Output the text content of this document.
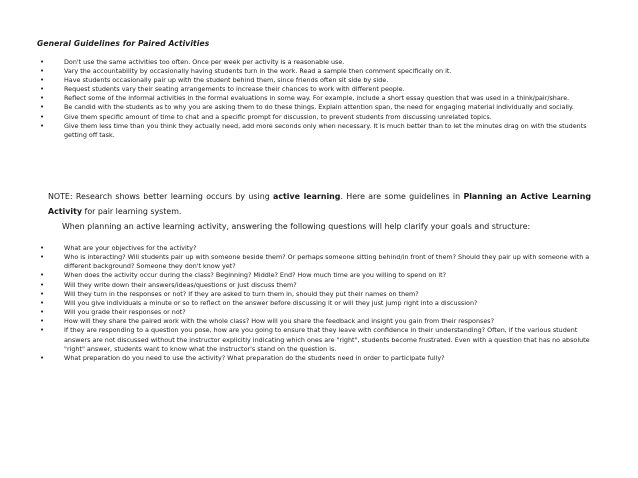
General Guidelines for Paired Activities
• Don't use the same activities too often. Once per week per activity is a reasonable use.
• Vary the accountability by occasionally having students turn in the work. Read a sample then comment specifically on it.
• Have students occasionally pair up with the student behind them, since friends often sit side by side.
• Request students vary their seating arrangements to increase their chances to work with different people.
• Reflect some of the informal activities in the formal evaluations in some way. For example, include a short essay question that was used in a think/pair/share.
• Be candid with the students as to why you are asking them to do these things. Explain attention span, the need for engaging material individually and socially.
• Give them specific amount of time to chat and a specific prompt for discussion, to prevent students from discussing unrelated topics.
• Give them less time than you think they actually need, add more seconds only when necessary. It is much better than to let the minutes drag on with the students getting off task.
NOTE: Research shows better learning occurs by using active learning. Here are some guidelines in Planning an Active Learning Activity for pair learning system.
When planning an active learning activity, answering the following questions will help clarify your goals and structure:
• What are your objectives for the activity?
• Who is interacting? Will students pair up with someone beside them? Or perhaps someone sitting behind/in front of them? Should they pair up with someone with a different background? Someone they don't know yet?
• When does the activity occur during the class? Beginning? Middle? End? How much time are you willing to spend on it?
• Will they write down their answers/ideas/questions or just discuss them?
• Will they turn in the responses or not? If they are asked to turn them in, should they put their names on them?
• Will you give individuals a minute or so to reflect on the answer before discussing it or will they just jump right into a discussion?
• Will you grade their responses or not?
• How will they share the paired work with the whole class? How will you share the feedback and insight you gain from their responses?
• If they are responding to a question you pose, how are you going to ensure that they leave with confidence in their understanding? Often, if the various student answers are not discussed without the instructor explicitly indicating which ones are "right", students become frustrated. Even with a question that has no absolute "right" answer, students want to know what the instructor's stand on the question is.
• What preparation do you need to use the activity? What preparation do the students need in order to participate fully?
